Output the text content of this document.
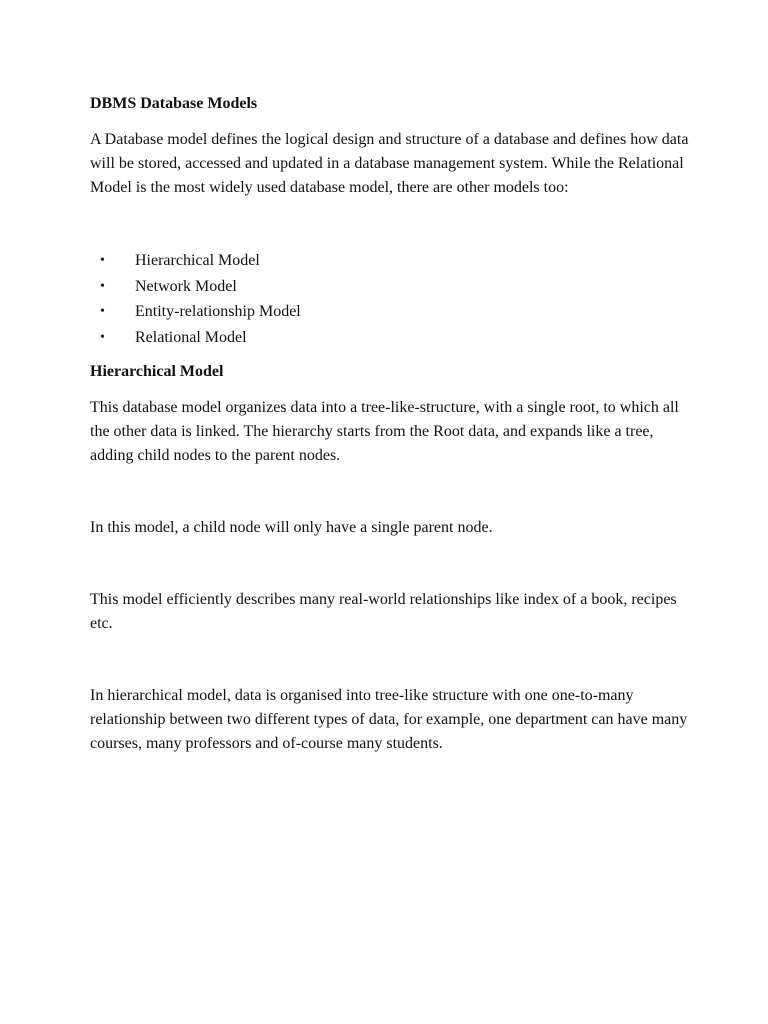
DBMS Database Models

A Database model defines the logical design and structure of a database and defines how data will be stored, accessed and updated in a database management system. While the Relational Model is the most widely used database model, there are other models too:

• Hierarchical Model
• Network Model
• Entity-relationship Model
• Relational Model

Hierarchical Model

This database model organizes data into a tree-like-structure, with a single root, to which all the other data is linked. The hierarchy starts from the Root data, and expands like a tree, adding child nodes to the parent nodes.

In this model, a child node will only have a single parent node.

This model efficiently describes many real-world relationships like index of a book, recipes etc.

In hierarchical model, data is organised into tree-like structure with one one-to-many relationship between two different types of data, for example, one department can have many courses, many professors and of-course many students.
